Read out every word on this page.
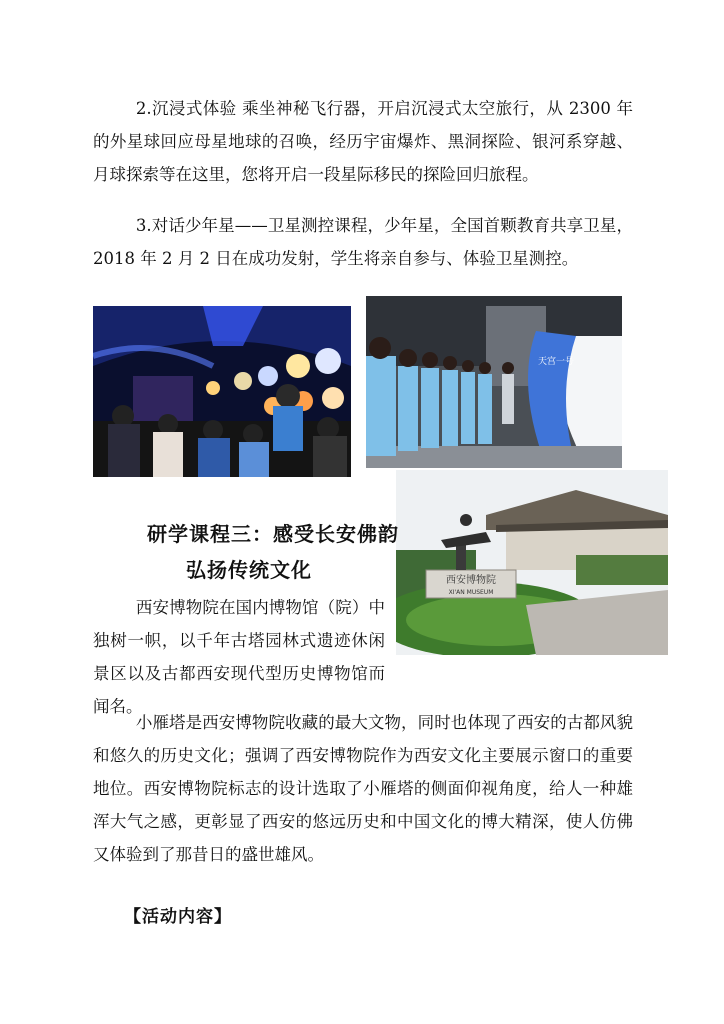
2.沉浸式体验 乘坐神秘飞行器，开启沉浸式太空旅行，从 2300 年的外星球回应母星地球的召唤，经历宇宙爆炸、黑洞探险、银河系穿越、月球探索等在这里，您将开启一段星际移民的探险回归旅程。

3.对话少年星——卫星测控课程，少年星，全国首颗教育共享卫星，2018 年 2 月 2 日在成功发射，学生将亲自参与、体验卫星测控。

天宫一号
西安博物院
XI'AN MUSEUM
研学课程三：感受长安佛韵
弘扬传统文化

西安博物院在国内博物馆（院）中独树一帜，以千年古塔园林式遗迹休闲景区以及古都西安现代型历史博物馆而闻名。

小雁塔是西安博物院收藏的最大文物，同时也体现了西安的古都风貌和悠久的历史文化；强调了西安博物院作为西安文化主要展示窗口的重要地位。西安博物院标志的设计选取了小雁塔的侧面仰视角度，给人一种雄浑大气之感，更彰显了西安的悠远历史和中国文化的博大精深，使人仿佛又体验到了那昔日的盛世雄风。

【活动内容】
